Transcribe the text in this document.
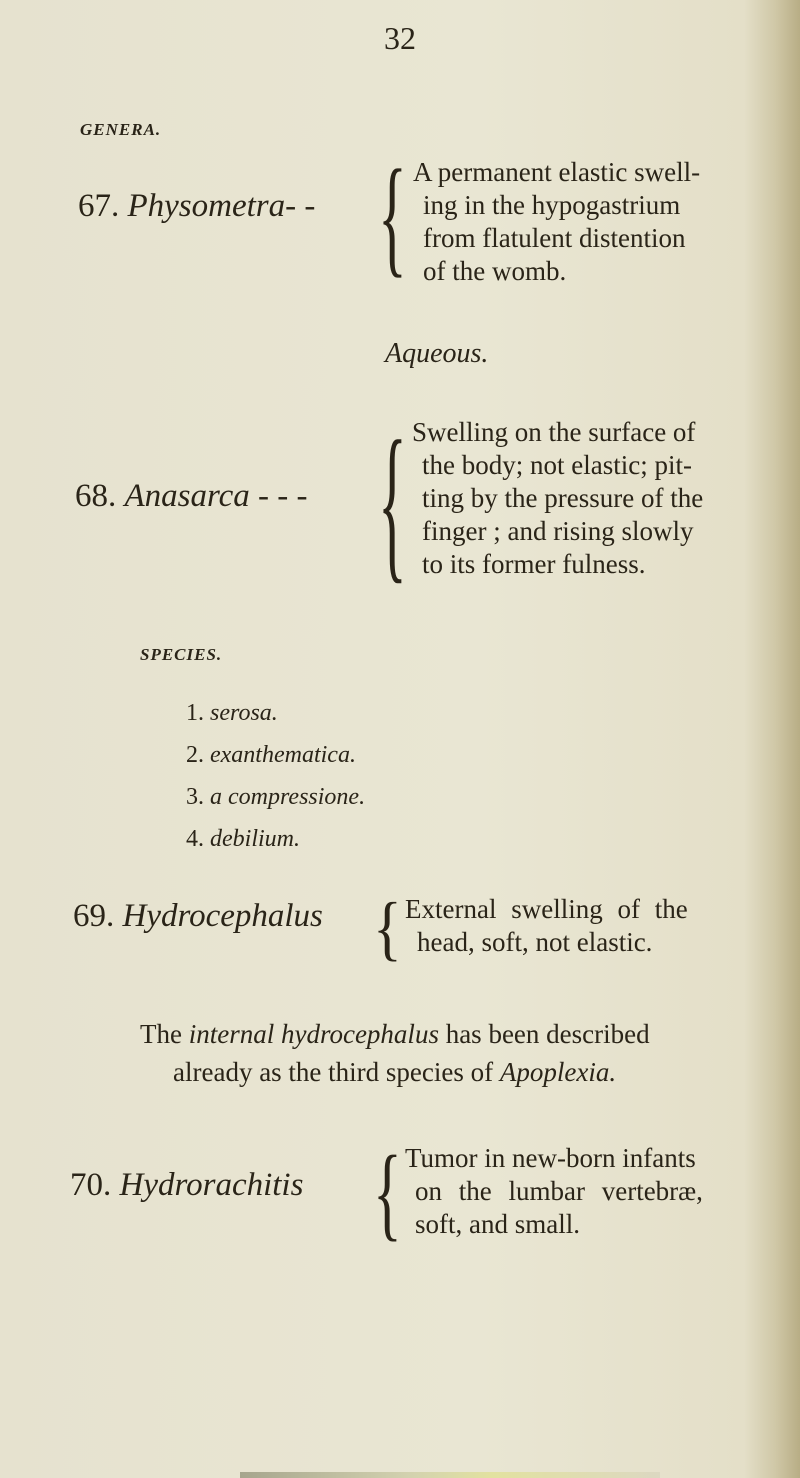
32
GENERA.
67. Physometra- - { A permanent elastic swell-
ing in the hypogastrium
from flatulent distention
of the womb.
Aqueous.
68. Anasarca - - - { Swelling on the surface of
the body; not elastic; pit-
ting by the pressure of the
finger ; and rising slowly
to its former fulness.
SPECIES.
1. serosa.
2. exanthematica.
3. a compressione.
4. debilium.
69. Hydrocephalus { External swelling of the
head, soft, not elastic.
The internal hydrocephalus has been described
already as the third species of Apoplexia.
70. Hydrorachitis { Tumor in new-born infants
on the lumbar vertebræ,
soft, and small.
